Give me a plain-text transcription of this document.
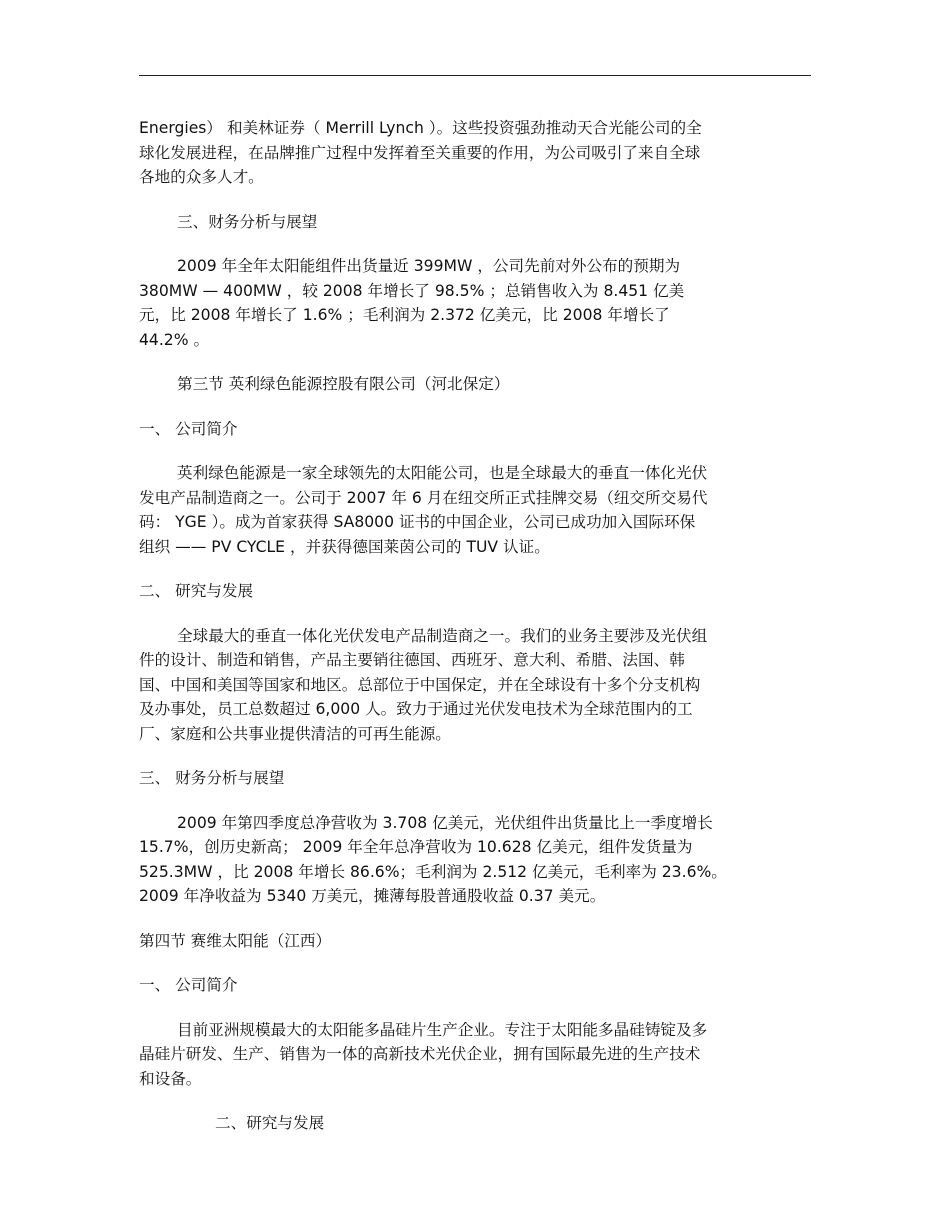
Energies） 和美林证券（ Merrill Lynch ）。这些投资强劲推动天合光能公司的全
球化发展进程，在品牌推广过程中发挥着至关重要的作用，为公司吸引了来自全球
各地的众多人才。

三、财务分析与展望

2009 年全年太阳能组件出货量近 399MW ，公司先前对外公布的预期为
380MW — 400MW ，较 2008 年增长了 98.5% ；总销售收入为 8.451 亿美
元，比 2008 年增长了 1.6% ；毛利润为 2.372 亿美元，比 2008 年增长了
44.2% 。

第三节 英利绿色能源控股有限公司（河北保定）

一、 公司简介

英利绿色能源是一家全球领先的太阳能公司，也是全球最大的垂直一体化光伏
发电产品制造商之一。公司于 2007 年 6 月在纽交所正式挂牌交易（纽交所交易代
码： YGE ）。成为首家获得 SA8000 证书的中国企业，公司已成功加入国际环保
组织 —— PV CYCLE ，并获得德国莱茵公司的 TUV 认证。

二、 研究与发展

全球最大的垂直一体化光伏发电产品制造商之一。我们的业务主要涉及光伏组
件的设计、制造和销售，产品主要销往德国、西班牙、意大利、希腊、法国、韩
国、中国和美国等国家和地区。总部位于中国保定，并在全球设有十多个分支机构
及办事处，员工总数超过 6,000 人。致力于通过光伏发电技术为全球范围内的工
厂、家庭和公共事业提供清洁的可再生能源。

三、 财务分析与展望

2009 年第四季度总净营收为 3.708 亿美元，光伏组件出货量比上一季度增长
15.7%，创历史新高； 2009 年全年总净营收为 10.628 亿美元，组件发货量为
525.3MW ，比 2008 年增长 86.6%；毛利润为 2.512 亿美元，毛利率为 23.6%。
2009 年净收益为 5340 万美元，摊薄每股普通股收益 0.37 美元。

第四节 赛维太阳能（江西）

一、 公司简介

目前亚洲规模最大的太阳能多晶硅片生产企业。专注于太阳能多晶硅铸锭及多
晶硅片研发、生产、销售为一体的高新技术光伏企业，拥有国际最先进的生产技术
和设备。

二、研究与发展
